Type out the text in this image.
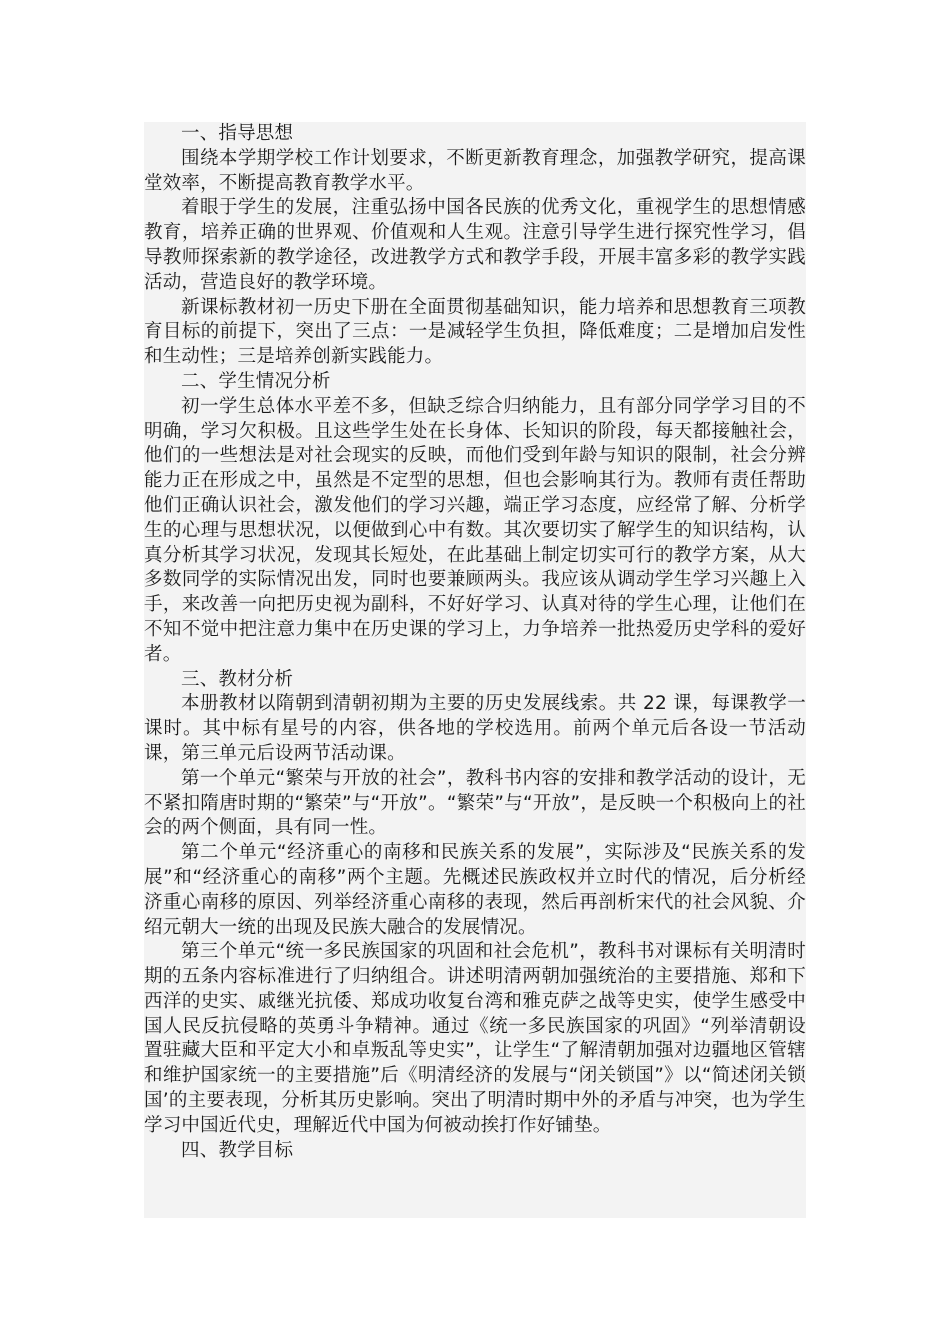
一、指导思想

围绕本学期学校工作计划要求，不断更新教育理念，加强教学研究，提高课堂效率，不断提高教育教学水平。

着眼于学生的发展，注重弘扬中国各民族的优秀文化，重视学生的思想情感教育，培养正确的世界观、价值观和人生观。注意引导学生进行探究性学习，倡导教师探索新的教学途径，改进教学方式和教学手段，开展丰富多彩的教学实践活动，营造良好的教学环境。

新课标教材初一历史下册在全面贯彻基础知识，能力培养和思想教育三项教育目标的前提下，突出了三点：一是减轻学生负担，降低难度；二是增加启发性和生动性；三是培养创新实践能力。

二、学生情况分析

初一学生总体水平差不多，但缺乏综合归纳能力，且有部分同学学习目的不明确，学习欠积极。且这些学生处在长身体、长知识的阶段，每天都接触社会，他们的一些想法是对社会现实的反映，而他们受到年龄与知识的限制，社会分辨能力正在形成之中，虽然是不定型的思想，但也会影响其行为。教师有责任帮助他们正确认识社会，激发他们的学习兴趣，端正学习态度，应经常了解、分析学生的心理与思想状况，以便做到心中有数。其次要切实了解学生的知识结构，认真分析其学习状况，发现其长短处，在此基础上制定切实可行的教学方案，从大多数同学的实际情况出发，同时也要兼顾两头。我应该从调动学生学习兴趣上入手，来改善一向把历史视为副科，不好好学习、认真对待的学生心理，让他们在不知不觉中把注意力集中在历史课的学习上，力争培养一批热爱历史学科的爱好者。

三、教材分析

本册教材以隋朝到清朝初期为主要的历史发展线索。共 22 课，每课教学一课时。其中标有星号的内容，供各地的学校选用。前两个单元后各设一节活动课，第三单元后设两节活动课。

第一个单元“繁荣与开放的社会”，教科书内容的安排和教学活动的设计，无不紧扣隋唐时期的“繁荣”与“开放”。“繁荣”与“开放”，是反映一个积极向上的社会的两个侧面，具有同一性。

第二个单元“经济重心的南移和民族关系的发展”，实际涉及“民族关系的发展”和“经济重心的南移”两个主题。先概述民族政权并立时代的情况，后分析经济重心南移的原因、列举经济重心南移的表现，然后再剖析宋代的社会风貌、介绍元朝大一统的出现及民族大融合的发展情况。

第三个单元“统一多民族国家的巩固和社会危机”，教科书对课标有关明清时期的五条内容标准进行了归纳组合。讲述明清两朝加强统治的主要措施、郑和下西洋的史实、戚继光抗倭、郑成功收复台湾和雅克萨之战等史实，使学生感受中国人民反抗侵略的英勇斗争精神。通过《统一多民族国家的巩固》“列举清朝设置驻藏大臣和平定大小和卓叛乱等史实”，让学生“了解清朝加强对边疆地区管辖和维护国家统一的主要措施”后《明清经济的发展与“闭关锁国”》以“简述闭关锁国’的主要表现，分析其历史影响。突出了明清时期中外的矛盾与冲突，也为学生学习中国近代史，理解近代中国为何被动挨打作好铺垫。

四、教学目标
